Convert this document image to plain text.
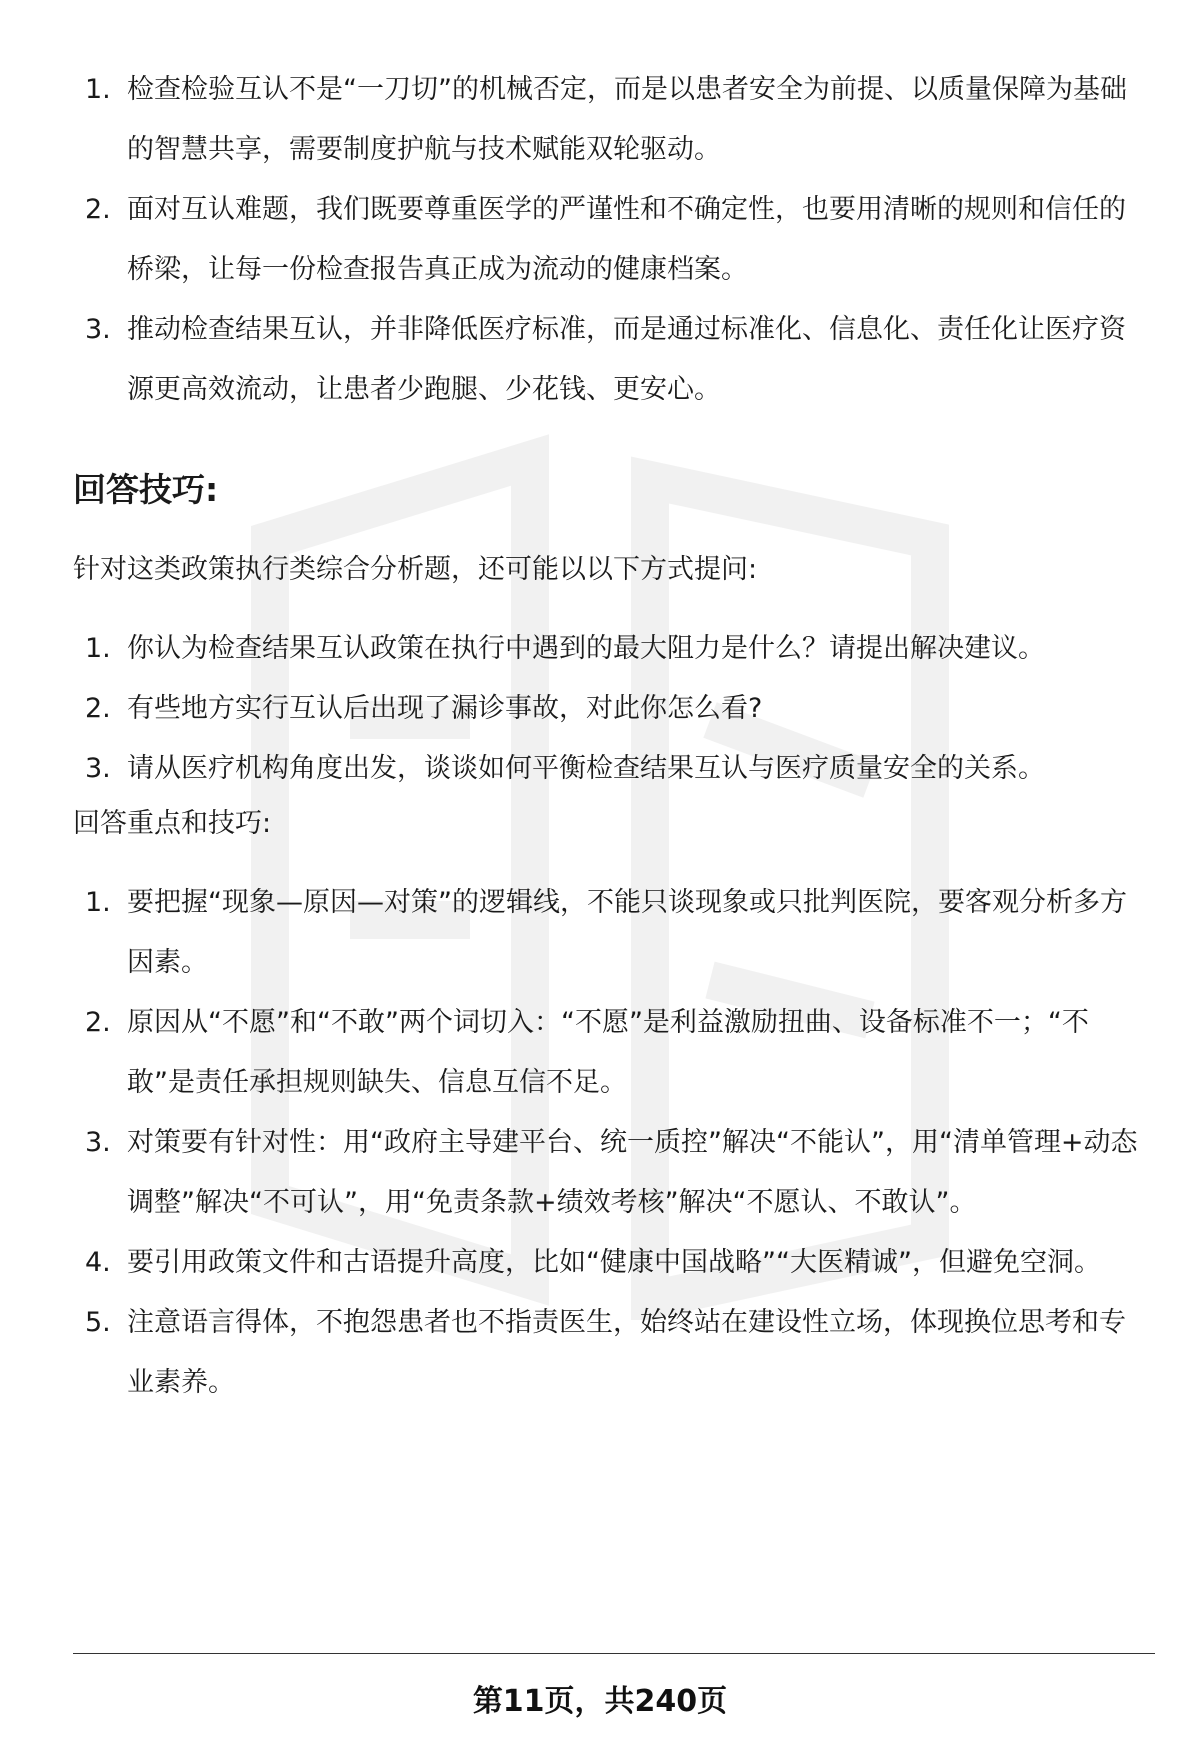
1. 检查检验互认不是“一刀切”的机械否定，而是以患者安全为前提、以质量保障为基础的智慧共享，需要制度护航与技术赋能双轮驱动。
2. 面对互认难题，我们既要尊重医学的严谨性和不确定性，也要用清晰的规则和信任的桥梁，让每一份检查报告真正成为流动的健康档案。
3. 推动检查结果互认，并非降低医疗标准，而是通过标准化、信息化、责任化让医疗资源更高效流动，让患者少跑腿、少花钱、更安心。
回答技巧:

针对这类政策执行类综合分析题，还可能以以下方式提问:

1. 你认为检查结果互认政策在执行中遇到的最大阻力是什么？请提出解决建议。
2. 有些地方实行互认后出现了漏诊事故，对此你怎么看?
3. 请从医疗机构角度出发，谈谈如何平衡检查结果互认与医疗质量安全的关系。

回答重点和技巧:

1. 要把握“现象—原因—对策”的逻辑线，不能只谈现象或只批判医院，要客观分析多方因素。
2. 原因从“不愿”和“不敢”两个词切入：“不愿”是利益激励扭曲、设备标准不一；“不敢”是责任承担规则缺失、信息互信不足。
3. 对策要有针对性：用“政府主导建平台、统一质控”解决“不能认”，用“清单管理+动态调整”解决“不可认”，用“免责条款+绩效考核”解决“不愿认、不敢认”。
4. 要引用政策文件和古语提升高度，比如“健康中国战略”“大医精诚”，但避免空洞。
5. 注意语言得体，不抱怨患者也不指责医生，始终站在建设性立场，体现换位思考和专业素养。
第11页，共240页
